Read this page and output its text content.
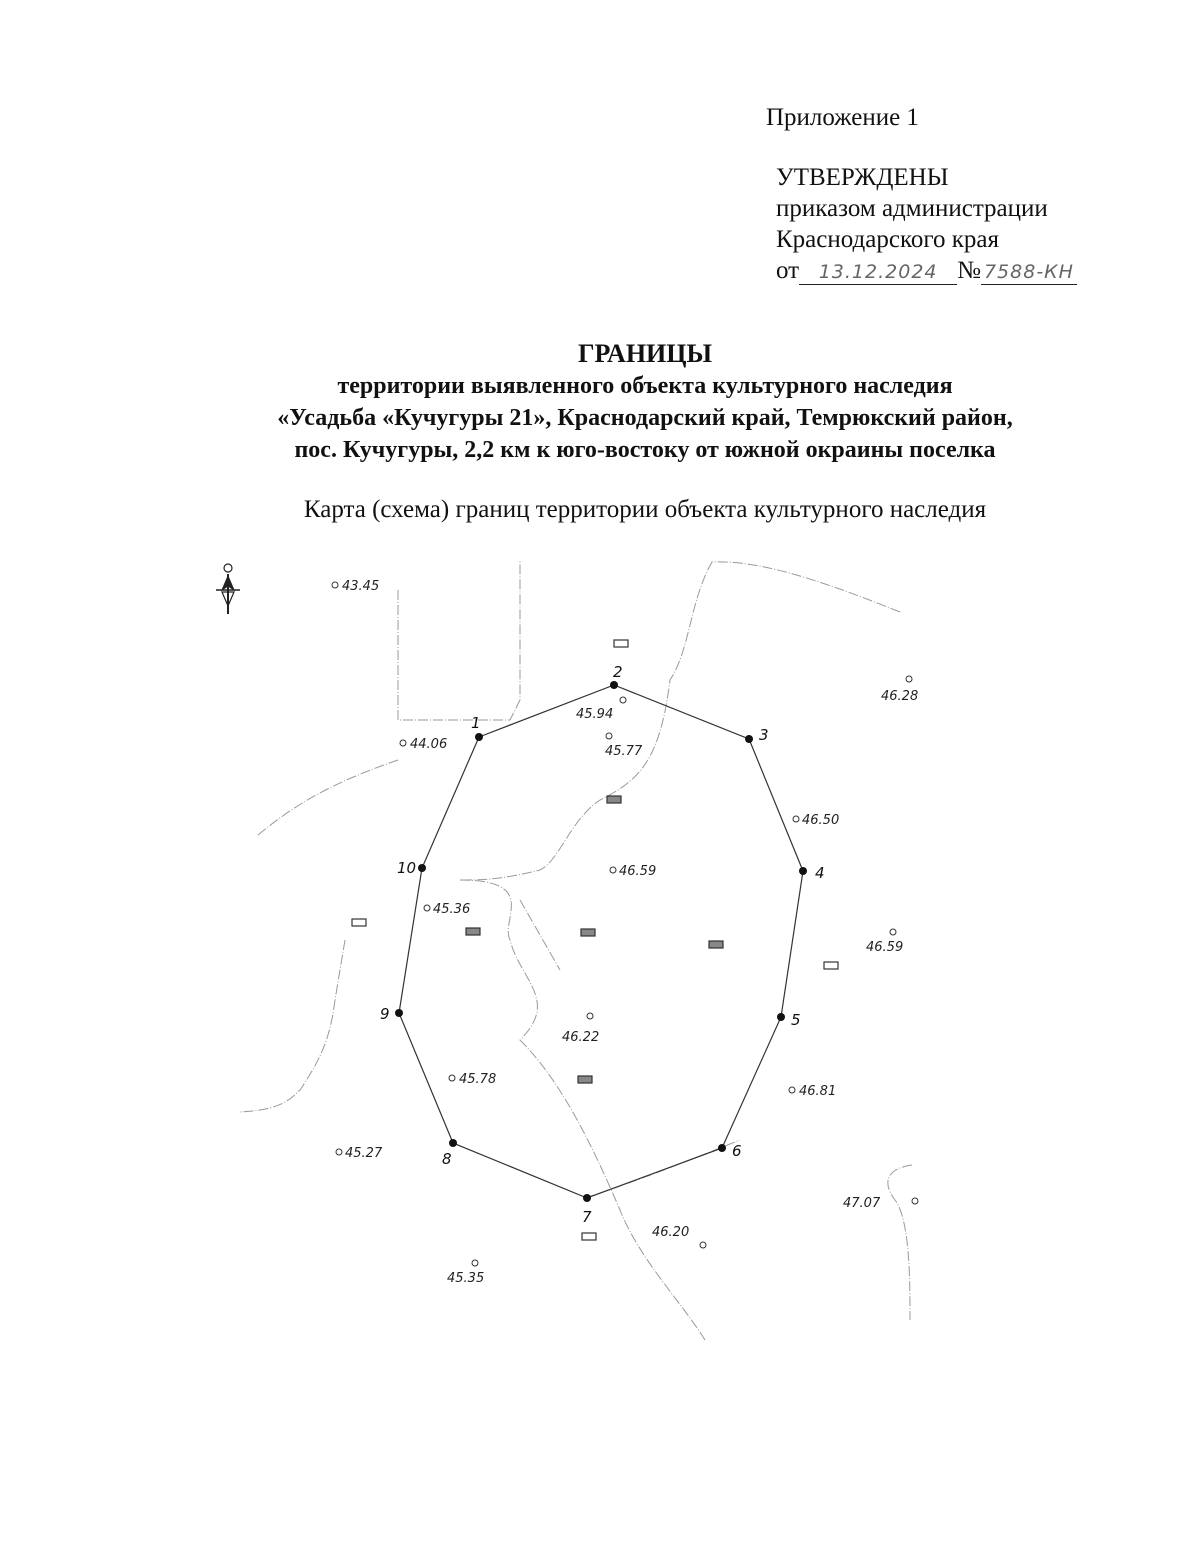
Приложение 1
УТВЕРЖДЕНЫ
приказом администрации
Краснодарского края
от 13.12.2024 № 7588-КН
ГРАНИЦЫ
территории выявленного объекта культурного наследия
«Усадьба «Кучугуры 21», Краснодарский край, Темрюкский район,
пос. Кучугуры, 2,2 км к юго-востоку от южной окраины поселка
Карта (схема) границ территории объекта культурного наследия
1
2
3
4
5
6
7
8
9
10
43.45
44.06
45.94
45.77
46.28
46.50
46.59
45.36
46.59
46.22
45.78
46.81
45.27
47.07
46.20
45.35
